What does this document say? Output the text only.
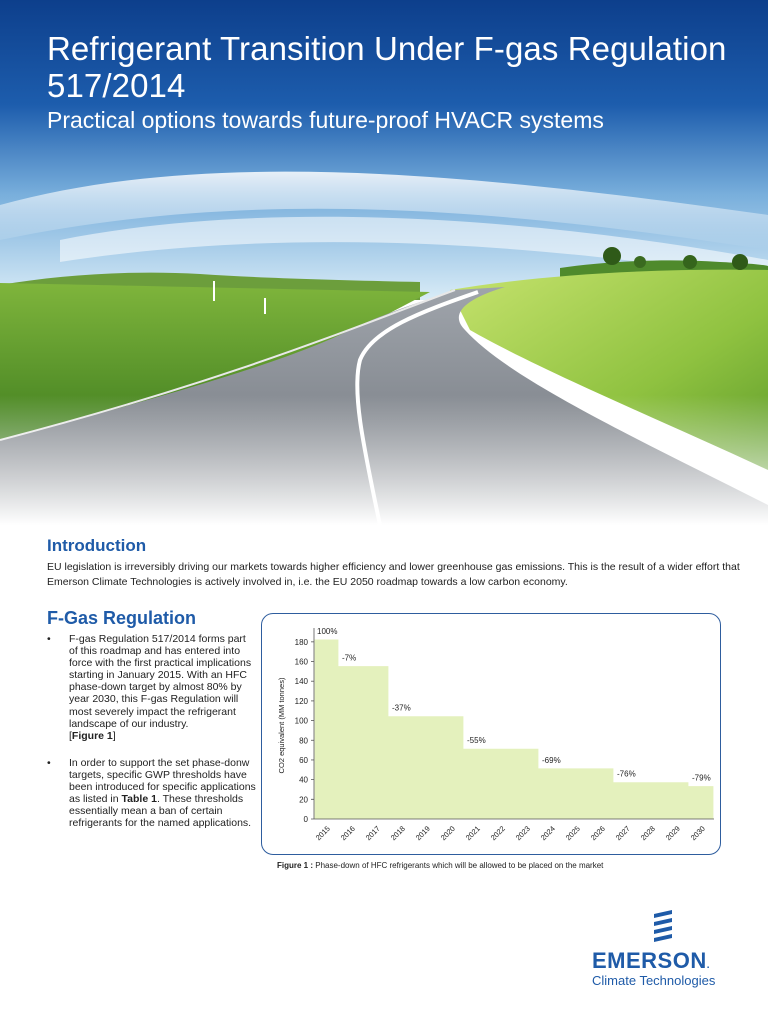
Refrigerant Transition Under F-gas Regulation 517/2014
Practical options towards future-proof HVACR systems
Introduction

EU legislation is irreversibly driving our markets towards higher efficiency and lower greenhouse gas emissions. This is the result of a wider effort that Emerson Climate Technologies is actively involved in, i.e. the EU 2050 roadmap towards a low carbon economy.

F-Gas Regulation
• F-gas Regulation 517/2014 forms part of this roadmap and has entered into force with the first practical implications starting in January 2015. With an HFC phase-down target by almost 80% by year 2030, this F-gas Regulation will most severely impact the refrigerant landscape of our industry.
[Figure 1]
• In order to support the set phase-donw targets, specific GWP thresholds have been introduced for specific applications as listed in Table 1. These thresholds essentially mean a ban of certain refrigerants for the named applications.	0
20
40
60
80
100
120
140
160
180
2015 2016 2017 2018 2019 2020 2021 2022 2023 2024 2025 2026 2027 2028 2029 2030
100%
-7%
-37%
-55%
-69%
-76%	-79%
CO2 equivalent (MM tonnes)
Figure 1 : Phase-down of HFC refrigerants which will be allowed to be placed on the market
EMERSON.
Climate Technologies
